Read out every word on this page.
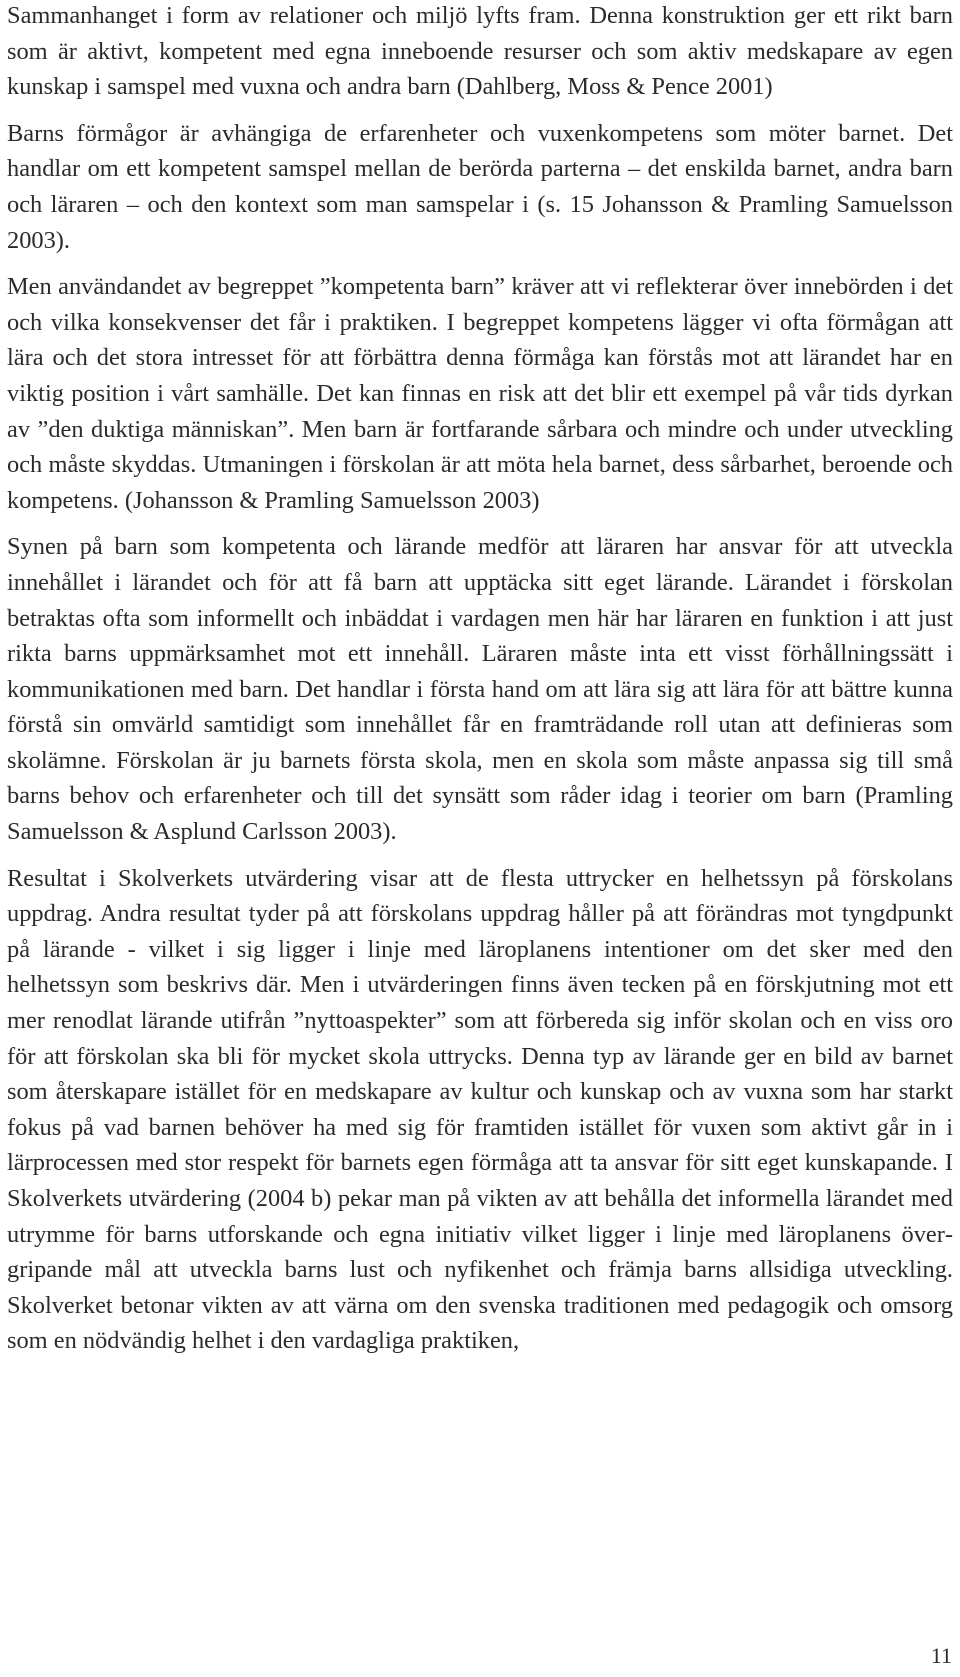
Sammanhanget i form av relationer och miljö lyfts fram. Denna konstruktion ger ett rikt barn som är aktivt, kompetent med egna inneboende resurser och som aktiv medskapare av egen kunskap i samspel med vuxna och andra barn (Dahlberg, Moss & Pence 2001)

Barns förmågor är avhängiga de erfarenheter och vuxenkompetens som möter barnet. Det handlar om ett kompetent samspel mellan de berörda parterna – det enskilda barnet, andra barn och läraren – och den kontext som man samspelar i (s. 15 Johansson & Pramling Samuelsson 2003).

Men användandet av begreppet ”kompetenta barn” kräver att vi reflekterar över innebörden i det och vilka konsekvenser det får i praktiken. I begreppet kompetens lägger vi ofta förmågan att lära och det stora intresset för att förbättra denna förmåga kan förstås mot att lärandet har en viktig position i vårt samhälle. Det kan finnas en risk att det blir ett exempel på vår tids dyrkan av ”den duktiga människan”. Men barn är fortfarande sårbara och mindre och under utveckling och måste skyddas. Utmaningen i förskolan är att möta hela barnet, dess sårbarhet, beroende och kompetens. (Johansson & Pramling Samuelsson 2003)

Synen på barn som kompetenta och lärande medför att läraren har ansvar för att utveckla innehållet i lärandet och för att få barn att upptäcka sitt eget lärande. Lärandet i förskolan betraktas ofta som informellt och inbäddat i vardagen men här har läraren en funktion i att just rikta barns uppmärksamhet mot ett innehåll. Läraren måste inta ett visst förhållningssätt i kommunikationen med barn. Det handlar i första hand om att lära sig att lära för att bättre kunna förstå sin omvärld samtidigt som innehållet får en framträdande roll utan att definieras som skolämne. Förskolan är ju barnets första skola, men en skola som måste anpassa sig till små barns behov och erfarenheter och till det synsätt som råder idag i teorier om barn (Pramling Samuelsson & Asplund Carlsson 2003).

Resultat i Skolverkets utvärdering visar att de flesta uttrycker en helhetssyn på förskolans uppdrag. Andra resultat tyder på att förskolans uppdrag håller på att förändras mot tyngdpunkt på lärande - vilket i sig ligger i linje med läroplanens intentioner om det sker med den helhetssyn som beskrivs där. Men i utvärderingen finns även tecken på en förskjutning mot ett mer renodlat lärande utifrån ”nyttoaspekter” som att förbereda sig inför skolan och en viss oro för att förskolan ska bli för mycket skola uttrycks. Denna typ av lärande ger en bild av barnet som återskapare istället för en medskapare av kultur och kunskap och av vuxna som har starkt fokus på vad barnen behöver ha med sig för framtiden istället för vuxen som aktivt går in i lärprocessen med stor respekt för barnets egen förmåga att ta ansvar för sitt eget kunskapande. I Skolverkets utvärdering (2004 b) pekar man på vikten av att behålla det informella lärandet med utrymme för barns utforskande och egna initiativ vilket ligger i linje med läroplanens övergripande mål att utveckla barns lust och nyfikenhet och främja barns allsidiga utveckling. Skolverket betonar vikten av att värna om den svenska traditionen med pedagogik och omsorg som en nödvändig helhet i den vardagliga praktiken,

11
